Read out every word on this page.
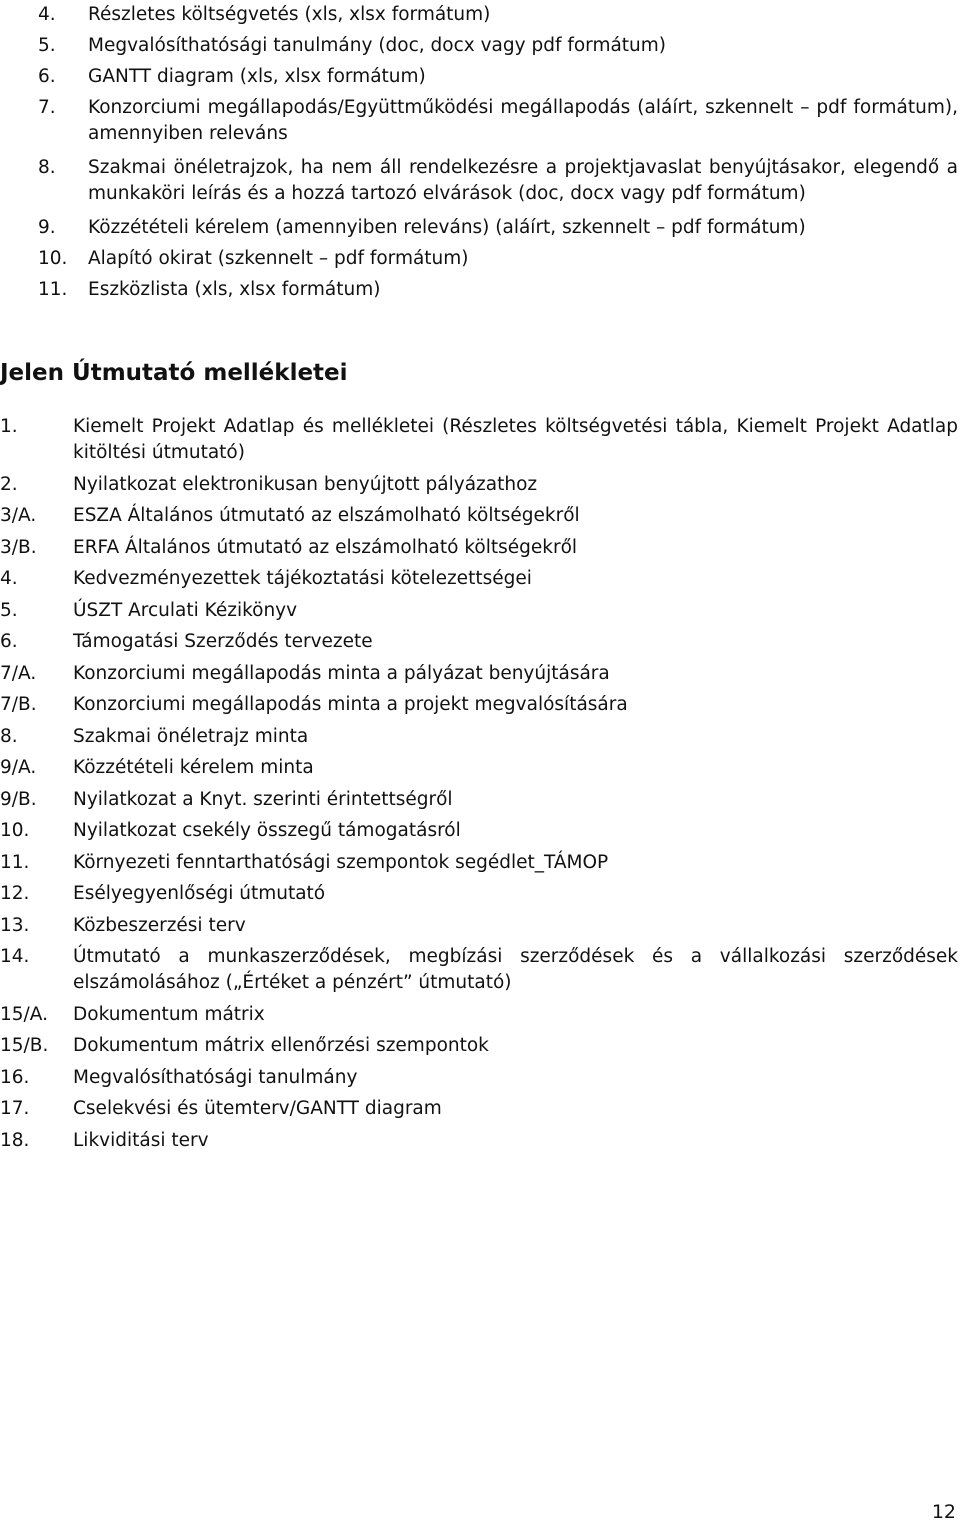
4.	Részletes költségvetés (xls, xlsx formátum)
5.	Megvalósíthatósági tanulmány (doc, docx vagy pdf formátum)
6.	GANTT diagram (xls, xlsx formátum)
7.	Konzorciumi megállapodás/Együttműködési megállapodás (aláírt, szkennelt – pdf formátum), amennyiben releváns
8.	Szakmai önéletrajzok, ha nem áll rendelkezésre a projektjavaslat benyújtásakor, elegendő a munkaköri leírás és a hozzá tartozó elvárások (doc, docx vagy pdf formátum)
9.	Közzétételi kérelem (amennyiben releváns) (aláírt, szkennelt – pdf formátum)
10.	Alapító okirat (szkennelt – pdf formátum)
11.	Eszközlista (xls, xlsx formátum)
Jelen Útmutató mellékletei
1.	Kiemelt Projekt Adatlap és mellékletei (Részletes költségvetési tábla, Kiemelt Projekt Adatlap kitöltési útmutató)
2.	Nyilatkozat elektronikusan benyújtott pályázathoz
3/A.	ESZA Általános útmutató az elszámolható költségekről
3/B.	ERFA Általános útmutató az elszámolható költségekről
4.	Kedvezményezettek tájékoztatási kötelezettségei
5.	ÚSZT Arculati Kézikönyv
6.	Támogatási Szerződés tervezete
7/A.	Konzorciumi megállapodás minta a pályázat benyújtására
7/B.	Konzorciumi megállapodás minta a projekt megvalósítására
8.	Szakmai önéletrajz minta
9/A.	Közzétételi kérelem minta
9/B.	Nyilatkozat a Knyt. szerinti érintettségről
10.	Nyilatkozat csekély összegű támogatásról
11.	Környezeti fenntarthatósági szempontok segédlet_TÁMOP
12.	Esélyegyenlőségi útmutató
13.	Közbeszerzési terv
14.	Útmutató a munkaszerződések, megbízási szerződések és a vállalkozási szerződések elszámolásához („Értéket a pénzért” útmutató)
15/A.	Dokumentum mátrix
15/B.	Dokumentum mátrix ellenőrzési szempontok
16.	Megvalósíthatósági tanulmány
17.	Cselekvési és ütemterv/GANTT diagram
18.	Likviditási terv
12
